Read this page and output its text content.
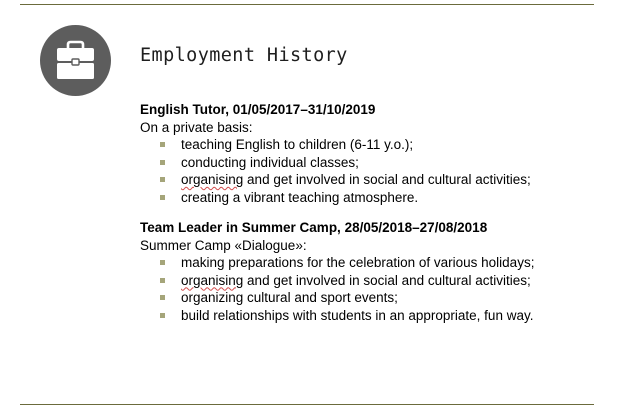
Employment History
English Tutor, 01/05/2017–31/10/2019
On a private basis:
teaching English to children (6-11 y.o.);
conducting individual classes;
organising and get involved in social and cultural activities;
creating a vibrant teaching atmosphere.
Team Leader in Summer Camp, 28/05/2018–27/08/2018
Summer Camp «Dialogue»:
making preparations for the celebration of various holidays;
organising and get involved in social and cultural activities;
organizing cultural and sport events;
build relationships with students in an appropriate, fun way.
